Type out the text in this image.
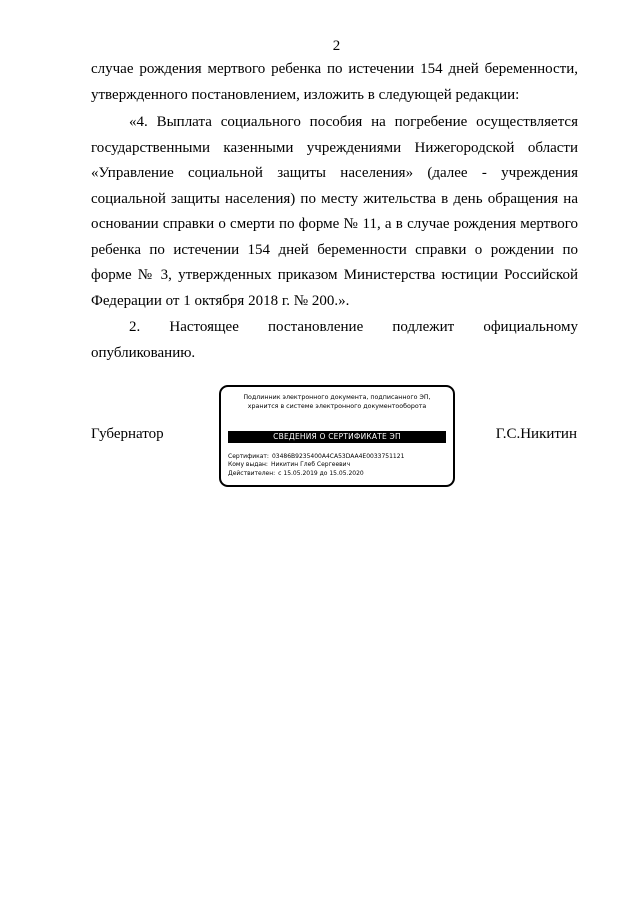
2

случае рождения мертвого ребенка по истечении 154 дней беременности,

утвержденного постановлением, изложить в следующей редакции:

«4. Выплата социального пособия на погребение осуществляется государственными казенными учреждениями Нижегородской области «Управление социальной защиты населения» (далее - учреждения социальной защиты населения) по месту жительства в день обращения на основании справки о смерти по форме № 11, а в случае рождения мертвого ребенка по истечении 154 дней беременности справки о рождении по форме № 3, утвержденных приказом Министерства юстиции Российской Федерации от 1 октября 2018 г. № 200.».

2.      Настоящее      постановление      подлежит      официальному

опубликованию.

Губернатор	Г.С.Никитин
Подлинник электронного документа, подписанного ЭП,
хранится в системе электронного документооборота
СВЕДЕНИЯ О СЕРТИФИКАТЕ ЭП
Сертификат: 03486B9235400A4CA53DAA4E0033751121
Кому выдан: Никитин Глеб Сергеевич
Действителен: с 15.05.2019 до 15.05.2020
